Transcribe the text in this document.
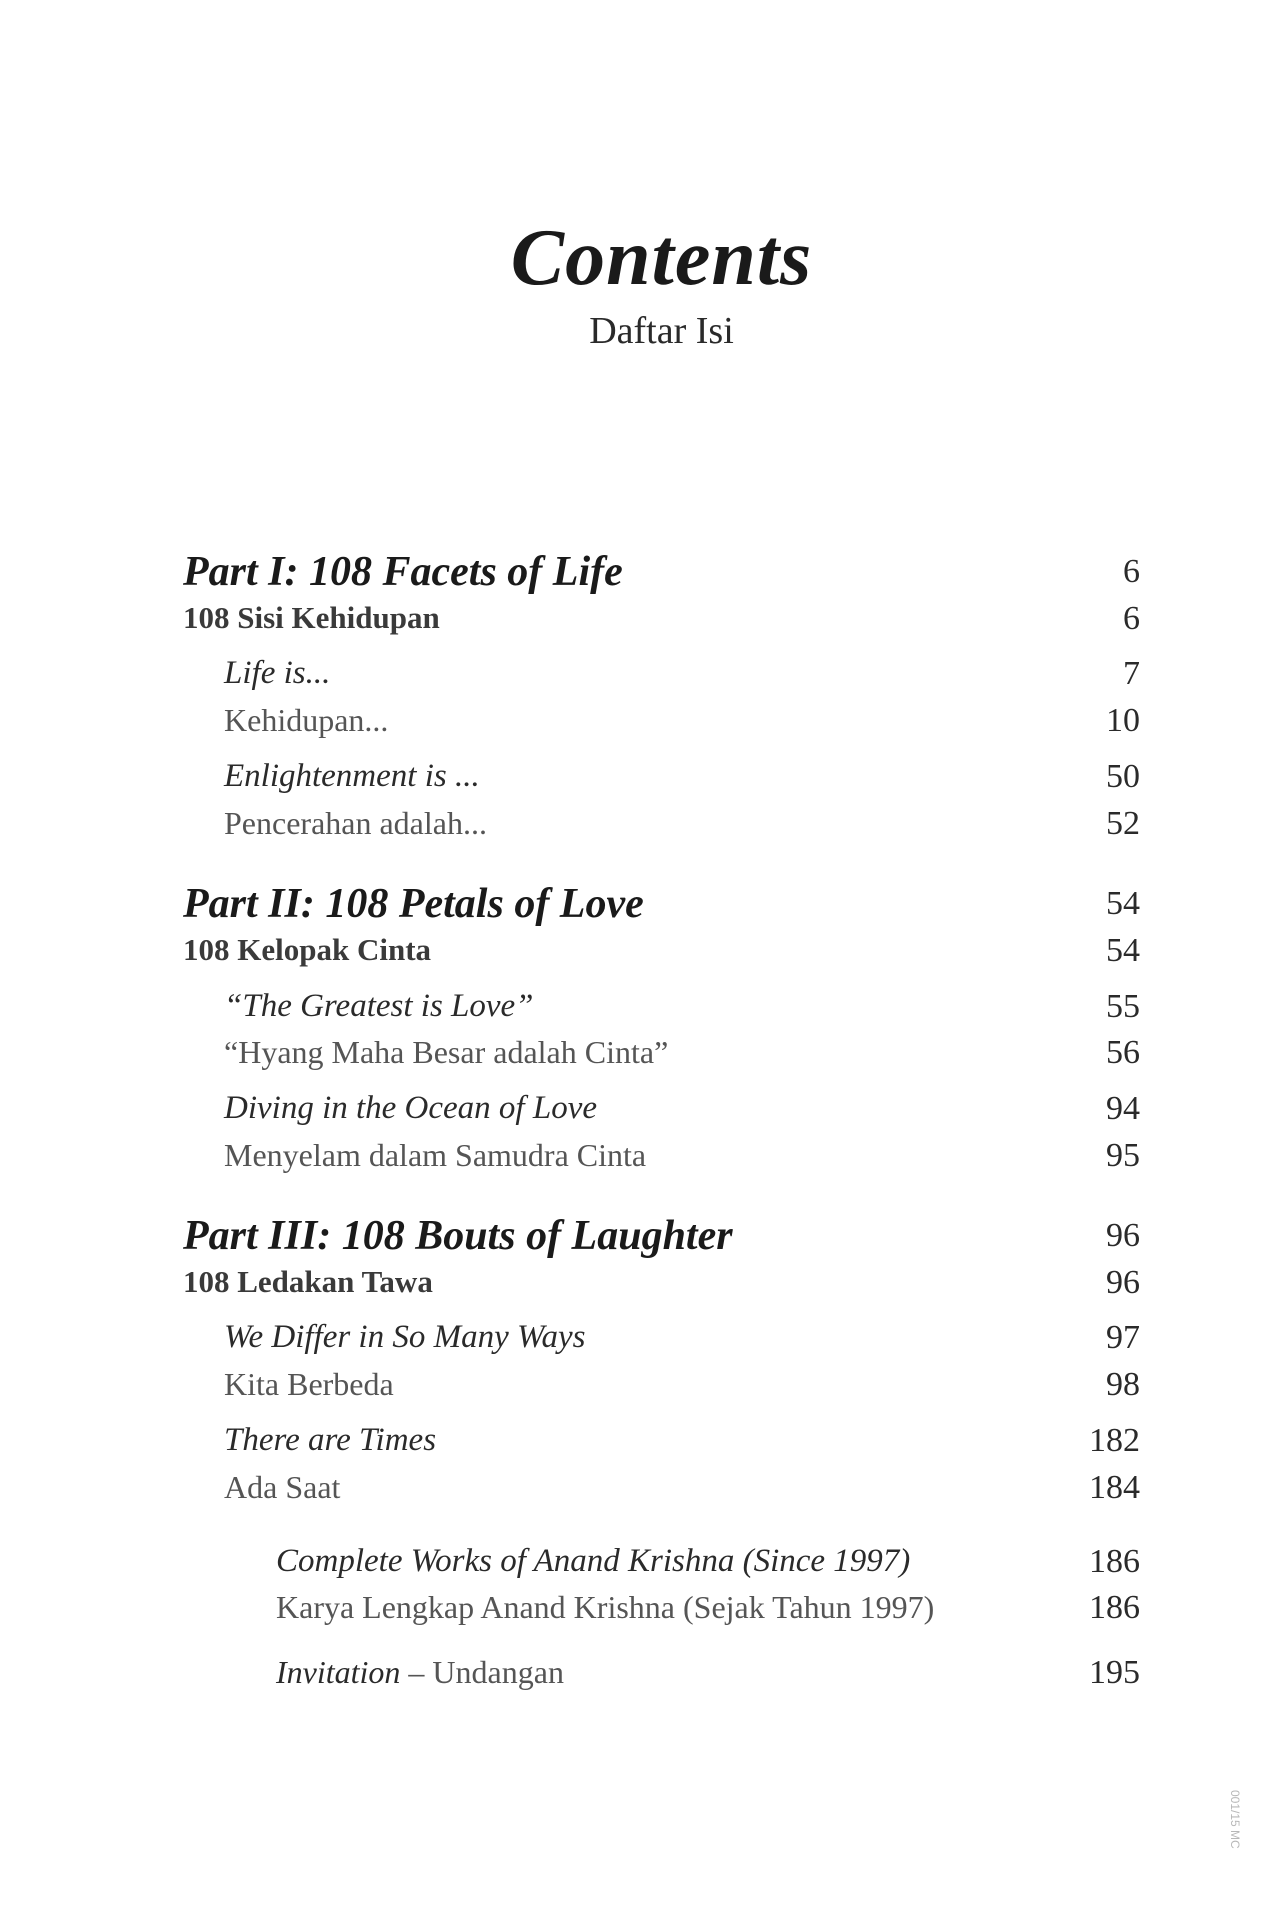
Contents
Daftar Isi
Part I: 108 Facets of Life	6
108 Sisi Kehidupan	6
Life is...	7
Kehidupan...	10
Enlightenment is ...	50
Pencerahan adalah...	52
Part II: 108 Petals of Love	54
108 Kelopak Cinta	54
“The Greatest is Love”	55
“Hyang Maha Besar adalah Cinta”	56
Diving in the Ocean of Love	94
Menyelam dalam Samudra Cinta	95
Part III: 108 Bouts of Laughter	96
108 Ledakan Tawa	96
We Differ in So Many Ways	97
Kita Berbeda	98
There are Times	182
Ada Saat	184
Complete Works of Anand Krishna (Since 1997)	186
Karya Lengkap Anand Krishna (Sejak Tahun 1997)	186
Invitation – Undangan	195
001/15 MC
